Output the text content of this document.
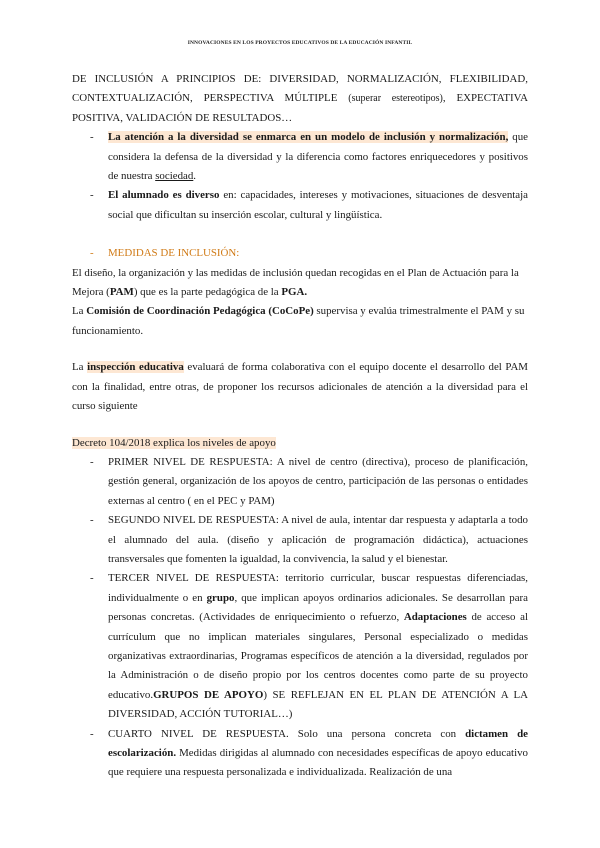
INNOVACIONES EN LOS PROYECTOS EDUCATIVOS DE LA EDUCACIÓN INFANTIL

DE INCLUSIÓN A PRINCIPIOS DE: DIVERSIDAD, NORMALIZACIÓN, FLEXIBILIDAD, CONTEXTUALIZACIÓN, PERSPECTIVA MÚLTIPLE (superar estereotipos), EXPECTATIVA POSITIVA, VALIDACIÓN DE RESULTADOS…

- La atención a la diversidad se enmarca en un modelo de inclusión y normalización, que considera la defensa de la diversidad y la diferencia como factores enriquecedores y positivos de nuestra sociedad.
- El alumnado es diverso en: capacidades, intereses y motivaciones, situaciones de desventaja social que dificultan su inserción escolar, cultural y lingüística.
- MEDIDAS DE INCLUSIÓN:

El diseño, la organización y las medidas de inclusión quedan recogidas en el Plan de Actuación para la Mejora (PAM) que es la parte pedagógica de la PGA.

La Comisión de Coordinación Pedagógica (CoCoPe) supervisa y evalúa trimestralmente el PAM y su funcionamiento.

La inspección educativa evaluará de forma colaborativa con el equipo docente el desarrollo del PAM con la finalidad, entre otras, de proponer los recursos adicionales de atención a la diversidad para el curso siguiente

Decreto 104/2018 explica los niveles de apoyo

- PRIMER NIVEL DE RESPUESTA: A nivel de centro (directiva), proceso de planificación, gestión general, organización de los apoyos de centro, participación de las personas o entidades externas al centro ( en el PEC y PAM)
- SEGUNDO NIVEL DE RESPUESTA: A nivel de aula, intentar dar respuesta y adaptarla a todo el alumnado del aula. (diseño y aplicación de programación didáctica), actuaciones transversales que fomenten la igualdad, la convivencia, la salud y el bienestar.
- TERCER NIVEL DE RESPUESTA: territorio curricular, buscar respuestas diferenciadas, individualmente o en grupo, que implican apoyos ordinarios adicionales. Se desarrollan para personas concretas. (Actividades de enriquecimiento o refuerzo, Adaptaciones de acceso al currículum que no implican materiales singulares, Personal especializado o medidas organizativas extraordinarias, Programas específicos de atención a la diversidad, regulados por la Administración o de diseño propio por los centros docentes como parte de su proyecto educativo.GRUPOS DE APOYO) SE REFLEJAN EN EL PLAN DE ATENCIÓN A LA DIVERSIDAD, ACCIÓN TUTORIAL…)
- CUARTO NIVEL DE RESPUESTA. Solo una persona concreta con dictamen de escolarización. Medidas dirigidas al alumnado con necesidades específicas de apoyo educativo que requiere una respuesta personalizada e individualizada. Realización de una
